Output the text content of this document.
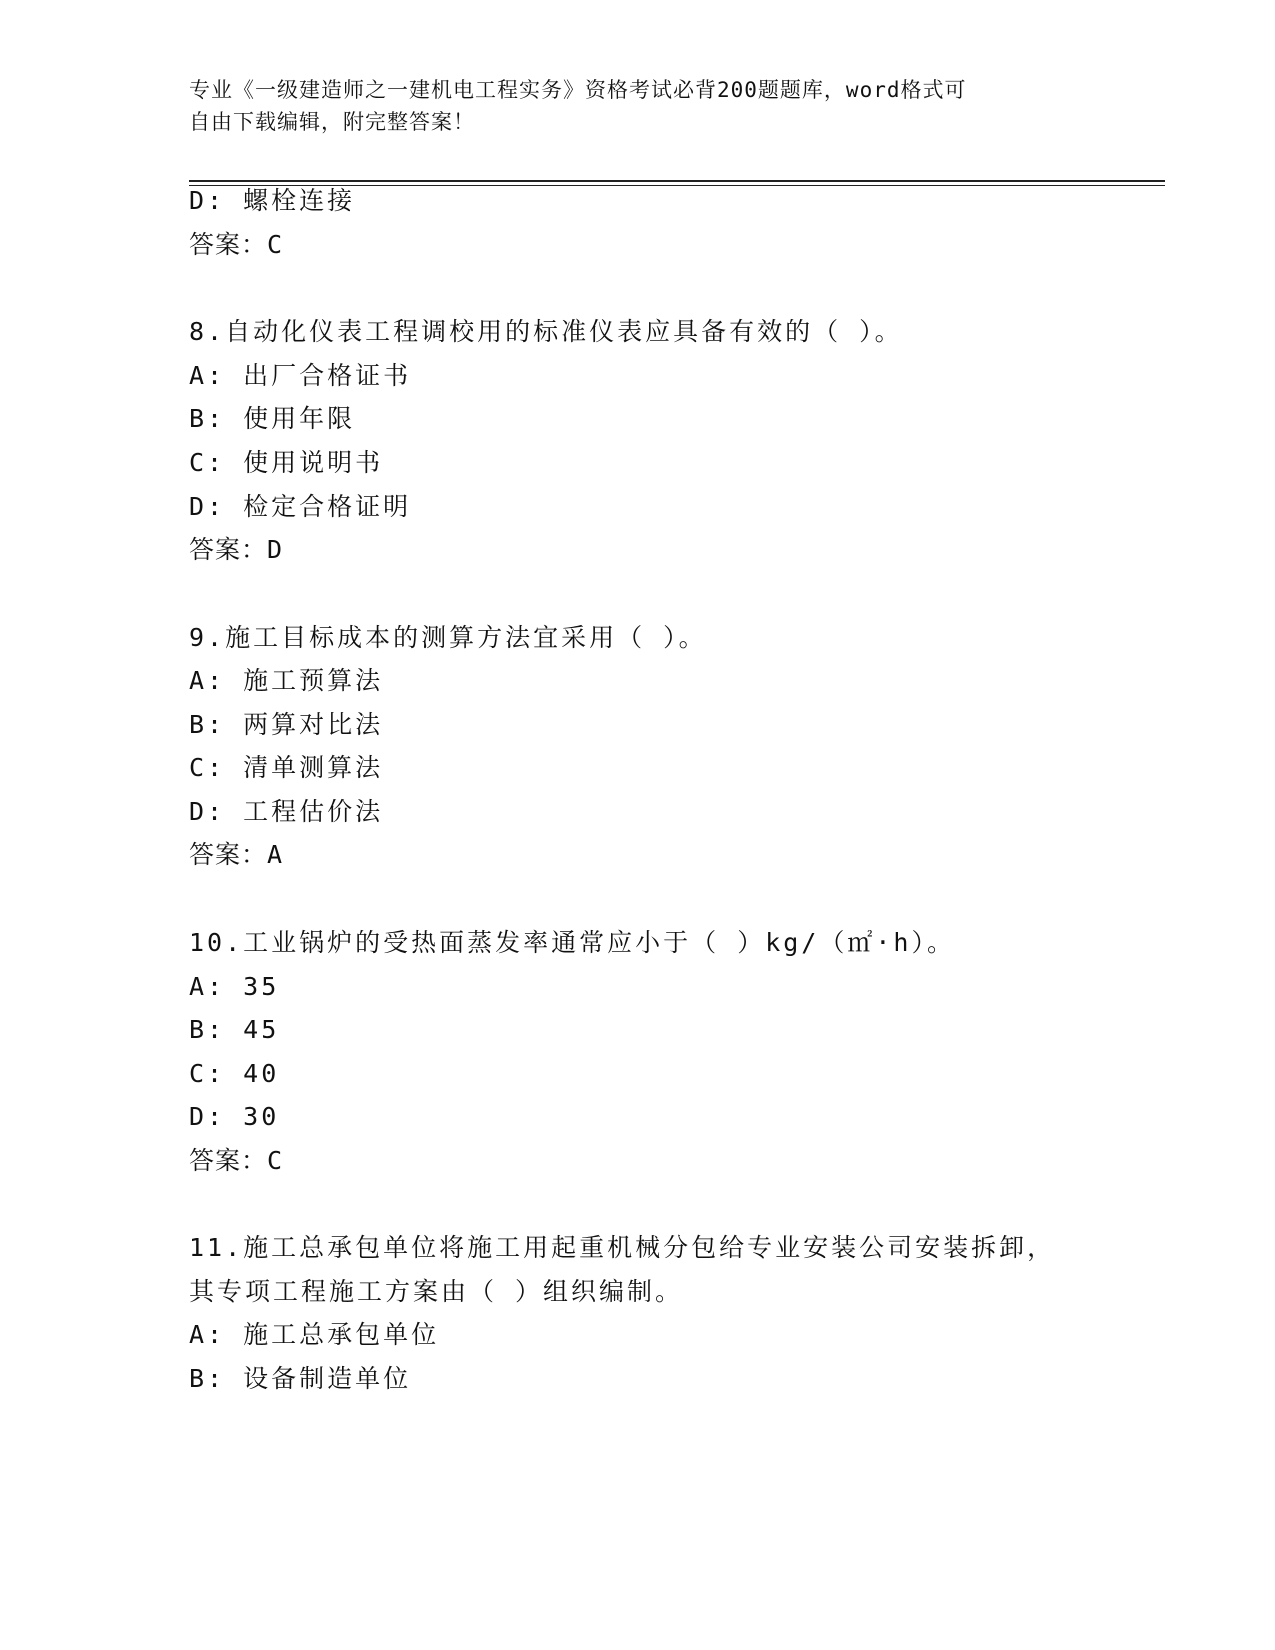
专业《一级建造师之一建机电工程实务》资格考试必背200题题库，word格式可
自由下载编辑，附完整答案！
D: 螺栓连接
答案：C
8.自动化仪表工程调校用的标准仪表应具备有效的（ ）。
A: 出厂合格证书
B: 使用年限
C: 使用说明书
D: 检定合格证明
答案：D
9.施工目标成本的测算方法宜采用（ ）。
A: 施工预算法
B: 两算对比法
C: 清单测算法
D: 工程估价法
答案：A
10.工业锅炉的受热面蒸发率通常应小于（ ）kg/（㎡·h）。
A: 35
B: 45
C: 40
D: 30
答案：C
11.施工总承包单位将施工用起重机械分包给专业安装公司安装拆卸，
其专项工程施工方案由（ ）组织编制。
A: 施工总承包单位
B: 设备制造单位
